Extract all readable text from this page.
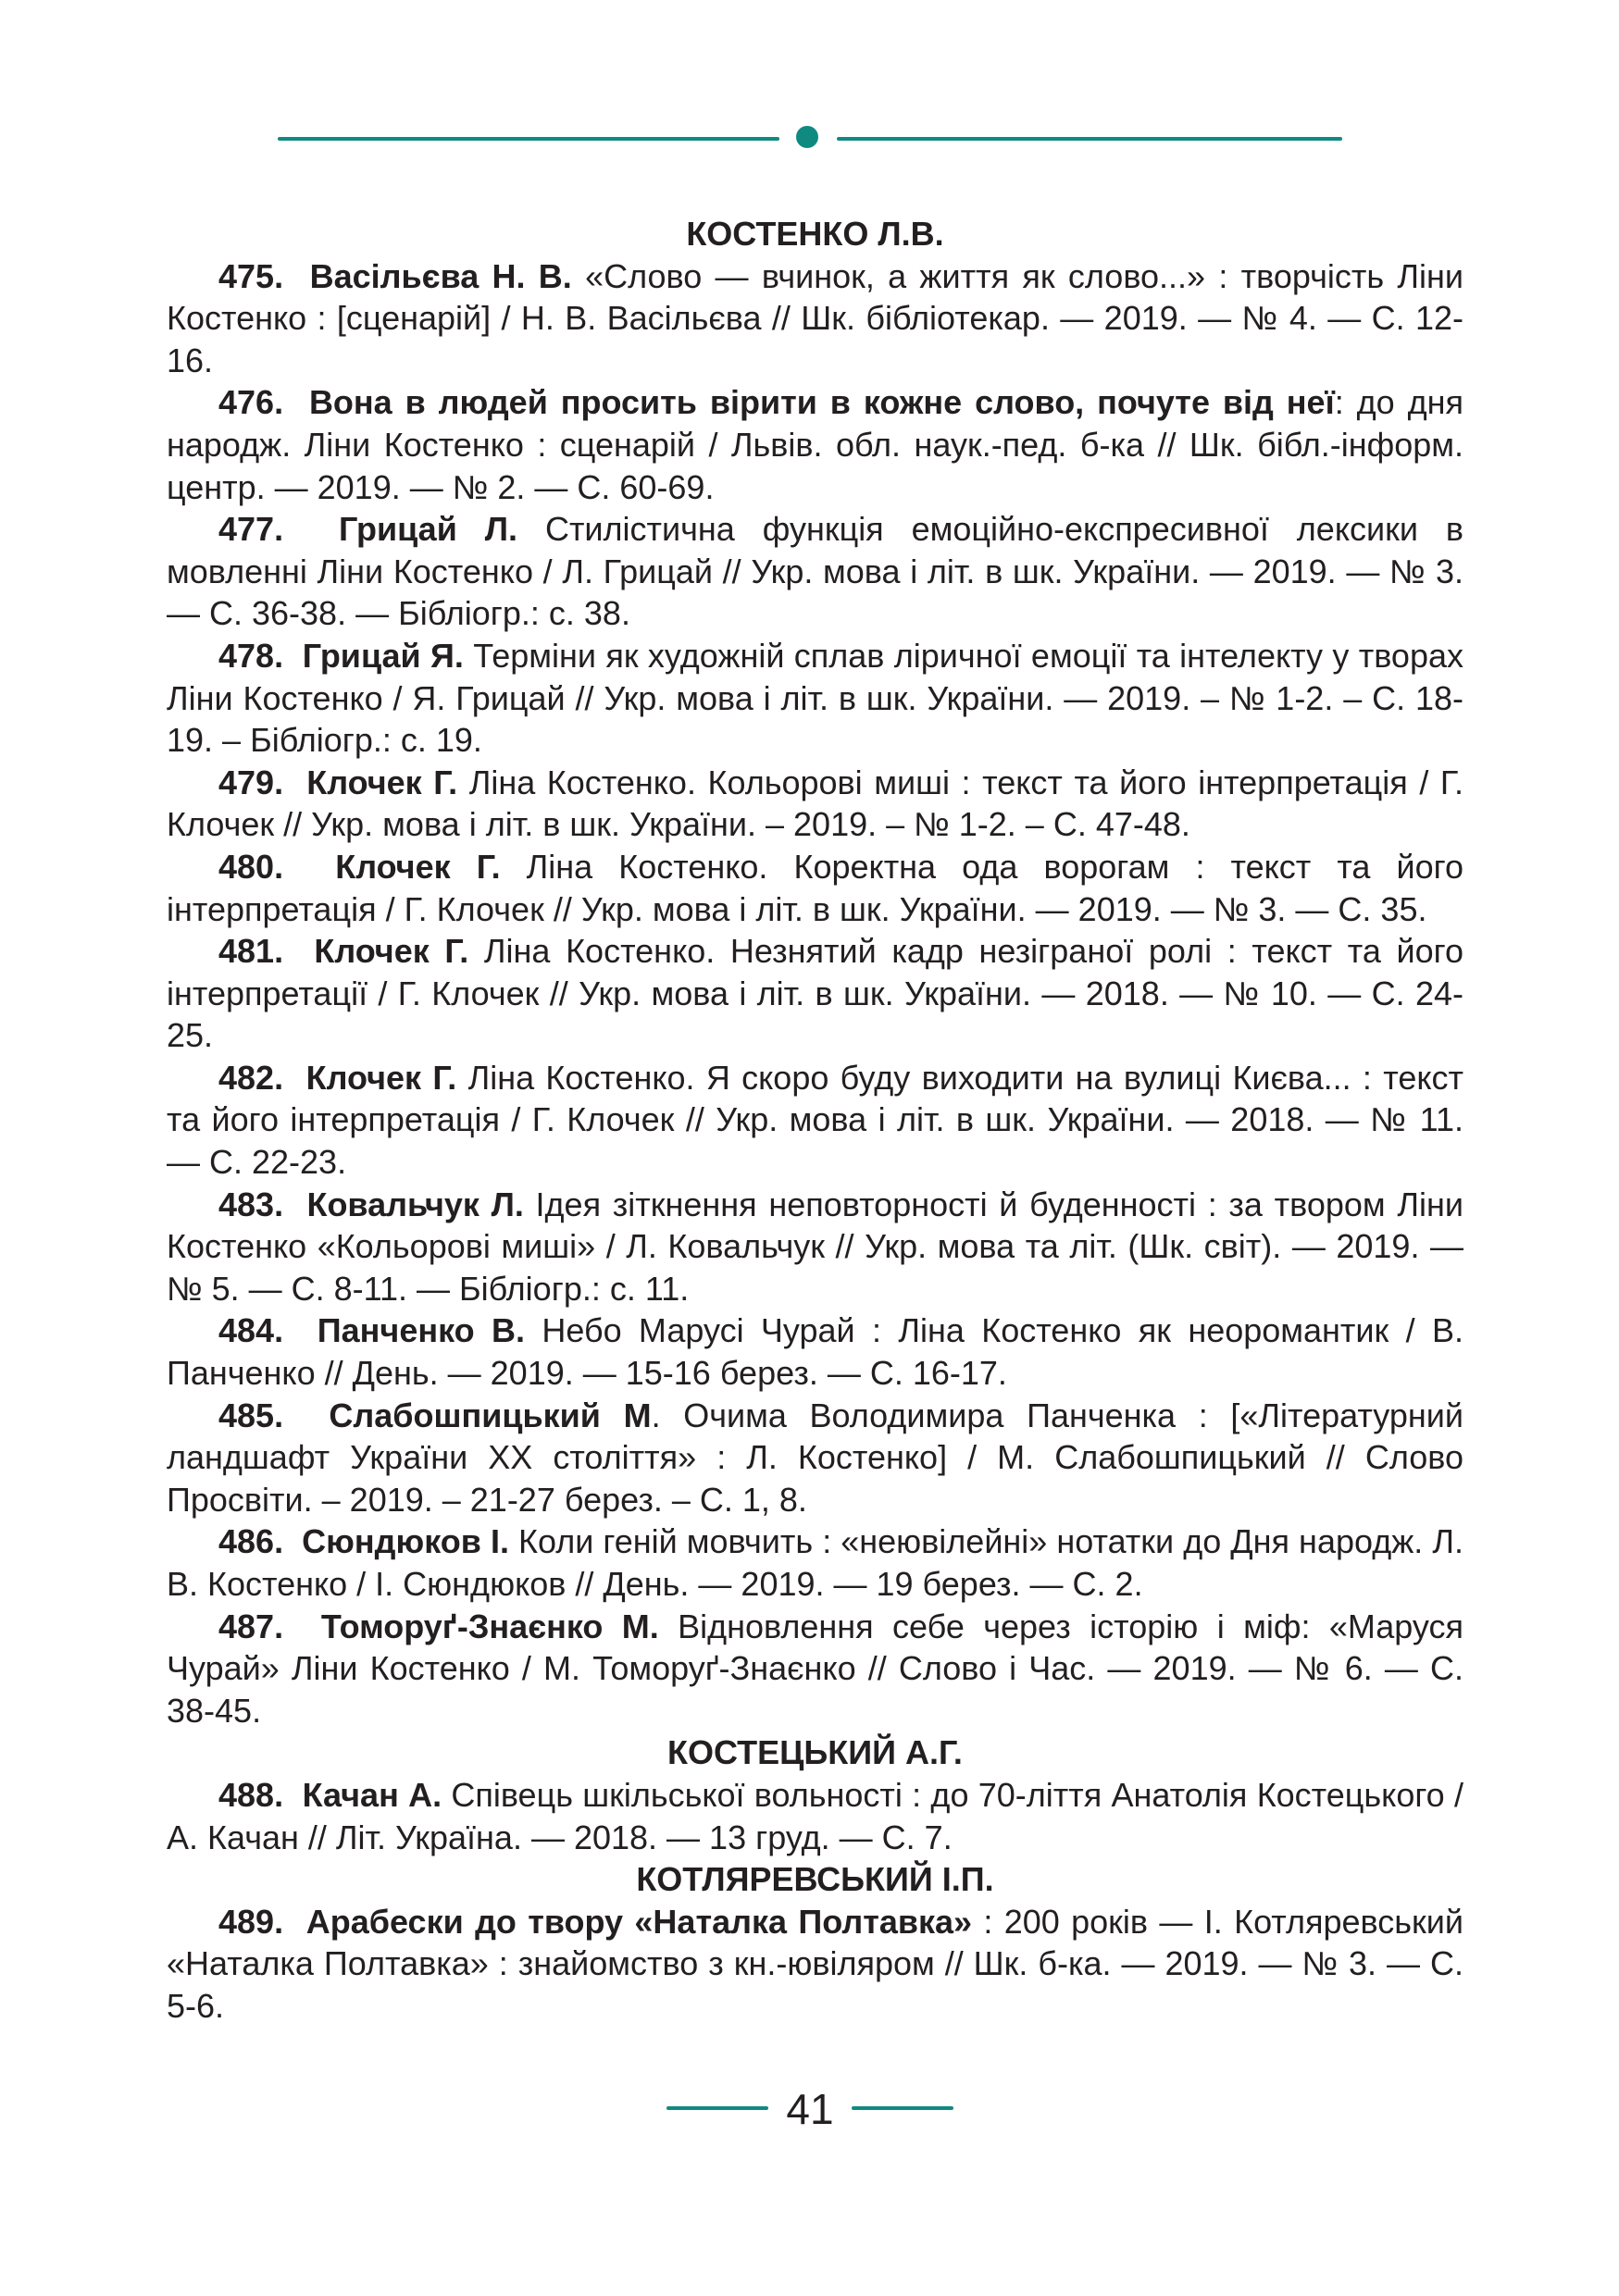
КОСТЕНКО Л.В.

475. Васільєва Н. В. «Слово — вчинок, а життя як слово...» : творчість Ліни Костенко : [сценарій] / Н. В. Васільєва // Шк. бібліотекар. — 2019. — № 4. — С. 12-16.

476. Вона в людей просить вірити в кожне слово, почуте від неї: до дня народж. Ліни Костенко : сценарій / Львів. обл. наук.-пед. б-ка // Шк. бібл.-інформ. центр. — 2019. — № 2. — С. 60-69.

477. Грицай Л. Стилістична функція емоційно-експресивної лексики в мовленні Ліни Костенко / Л. Грицай // Укр. мова і літ. в шк. України. — 2019. — № 3. — С. 36-38. — Бібліогр.: с. 38.

478. Грицай Я. Терміни як художній сплав ліричної емоції та інтелекту у творах Ліни Костенко / Я. Грицай // Укр. мова і літ. в шк. України. — 2019. – № 1-2. – С. 18-19. – Бібліогр.: с. 19.

479. Клочек Г. Ліна Костенко. Кольорові миші : текст та його інтерпретація / Г. Клочек // Укр. мова і літ. в шк. України. – 2019. – № 1-2. – С. 47-48.

480. Клочек Г. Ліна Костенко. Коректна ода ворогам : текст та його інтерпретація / Г. Клочек // Укр. мова і літ. в шк. України. — 2019. — № 3. — С. 35.

481. Клочек Г. Ліна Костенко. Незнятий кадр незіграної ролі : текст та його інтерпретації / Г. Клочек // Укр. мова і літ. в шк. України. — 2018. — № 10. — С. 24-25.

482. Клочек Г. Ліна Костенко. Я скоро буду виходити на вулиці Києва... : текст та його інтерпретація / Г. Клочек // Укр. мова і літ. в шк. України. — 2018. — № 11. — С. 22-23.

483. Ковальчук Л. Ідея зіткнення неповторності й буденності : за твором Ліни Костенко «Кольорові миші» / Л. Ковальчук // Укр. мова та літ. (Шк. світ). — 2019. — № 5. — С. 8-11. — Бібліогр.: с. 11.

484. Панченко В. Небо Марусі Чурай : Ліна Костенко як неоромантик / В. Панченко // День. — 2019. — 15-16 берез. — С. 16-17.

485. Слабошпицький М. Очима Володимира Панченка : [«Літературний ландшафт України XX століття» : Л. Костенко] / М. Слабошпицький // Слово Просвіти. – 2019. – 21-27 берез. – С. 1, 8.

486. Сюндюков І. Коли геній мовчить : «неювілейні» нотатки до Дня народж. Л. В. Костенко / І. Сюндюков // День. — 2019. — 19 берез. — С. 2.

487. Томоруґ-Знаєнко М. Відновлення себе через історію і міф: «Маруся Чурай» Ліни Костенко / М. Томоруґ-Знаєнко // Слово і Час. — 2019. — № 6. — С. 38-45.

КОСТЕЦЬКИЙ А.Г.

488. Качан А. Співець шкільської вольності : до 70-ліття Анатолія Костецького / А. Качан // Літ. Україна. — 2018. — 13 груд. — С. 7.

КОТЛЯРЕВСЬКИЙ І.П.

489. Арабески до твору «Наталка Полтавка» : 200 років — І. Котляревський «Наталка Полтавка» : знайомство з кн.-ювіляром // Шк. б-ка. — 2019. — № 3. — С. 5-6.

41
